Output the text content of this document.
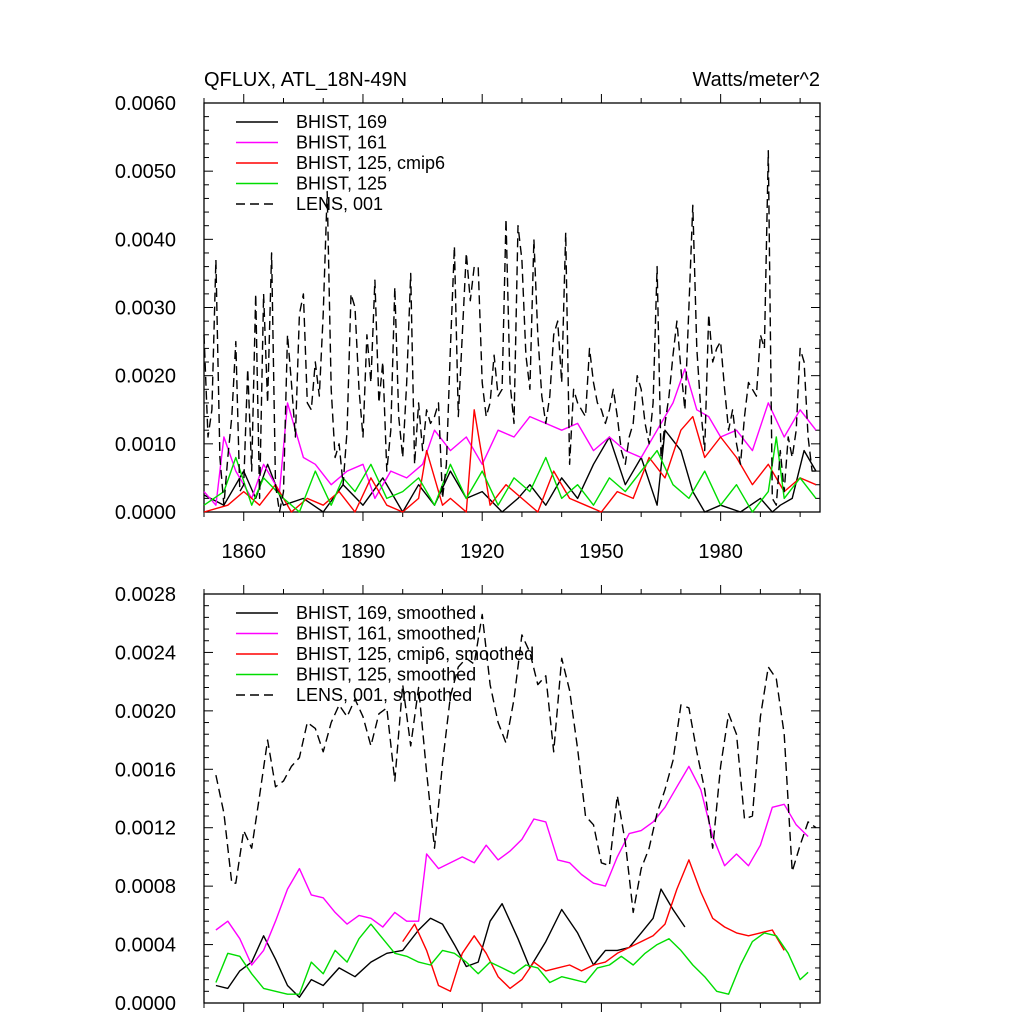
QFLUX, ATL_18N-49N	Watts/meter^2
0.0000
0.0010
0.0020
0.0030
0.0040
0.0050
0.0060
1860	1890	1920	1950	1980
BHIST, 169
BHIST, 161
BHIST, 125, cmip6
BHIST, 125
LENS, 001
0.0000
0.0004
0.0008
0.0012
0.0016
0.0020
0.0024
0.0028
BHIST, 169, smoothed
BHIST, 161, smoothed
BHIST, 125, cmip6, smoothed
BHIST, 125, smoothed
LENS, 001, smoothed
